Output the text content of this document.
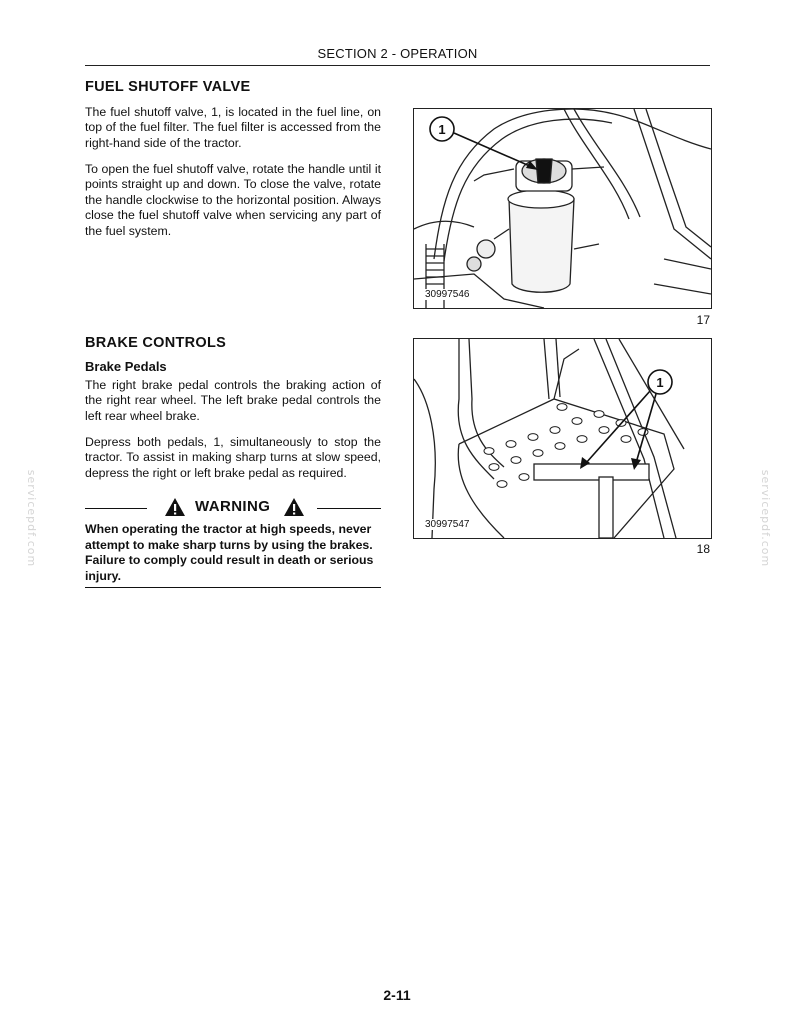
SECTION 2 - OPERATION
FUEL SHUTOFF VALVE

The fuel shutoff valve, 1, is located in the fuel line, on top of the fuel filter. The fuel filter is accessed from the right-hand side of the tractor.

To open the fuel shutoff valve, rotate the handle until it points straight up and down. To close the valve, rotate the handle clockwise to the horizontal position. Always close the fuel shutoff valve when servicing any part of the fuel system.

BRAKE CONTROLS
Brake Pedals

The right brake pedal controls the braking action of the right rear wheel. The left brake pedal controls the left rear wheel brake.

Depress both pedals, 1, simultaneously to stop the tractor. To assist in making sharp turns at slow speed, depress the right or left brake pedal as required.

WARNING
When operating the tractor at high speeds, never attempt to make sharp turns by using the brakes. Failure to comply could result in death or serious injury.
1
30997546
17
1
30997547
18
servicepdf.com	servicepdf.com
2-11
